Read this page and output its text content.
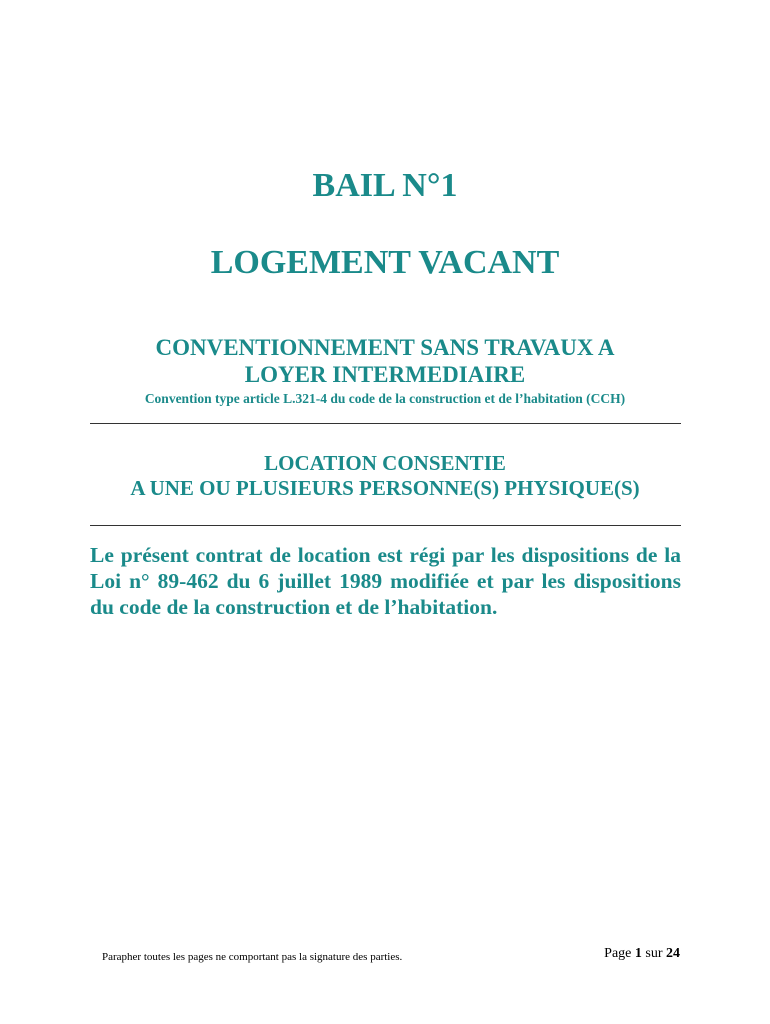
BAIL N°1
LOGEMENT VACANT
CONVENTIONNEMENT SANS TRAVAUX A
LOYER INTERMEDIAIRE
Convention type article L.321-4 du code de la construction et de l’habitation (CCH)
LOCATION CONSENTIE
A UNE OU PLUSIEURS PERSONNE(S) PHYSIQUE(S)
Le présent contrat de location est régi par les dispositions de la Loi n° 89-462 du 6 juillet 1989 modifiée et par les dispositions du code de la construction et de l’habitation.
Parapher toutes les pages ne comportant pas la signature des parties.	Page 1 sur 24
